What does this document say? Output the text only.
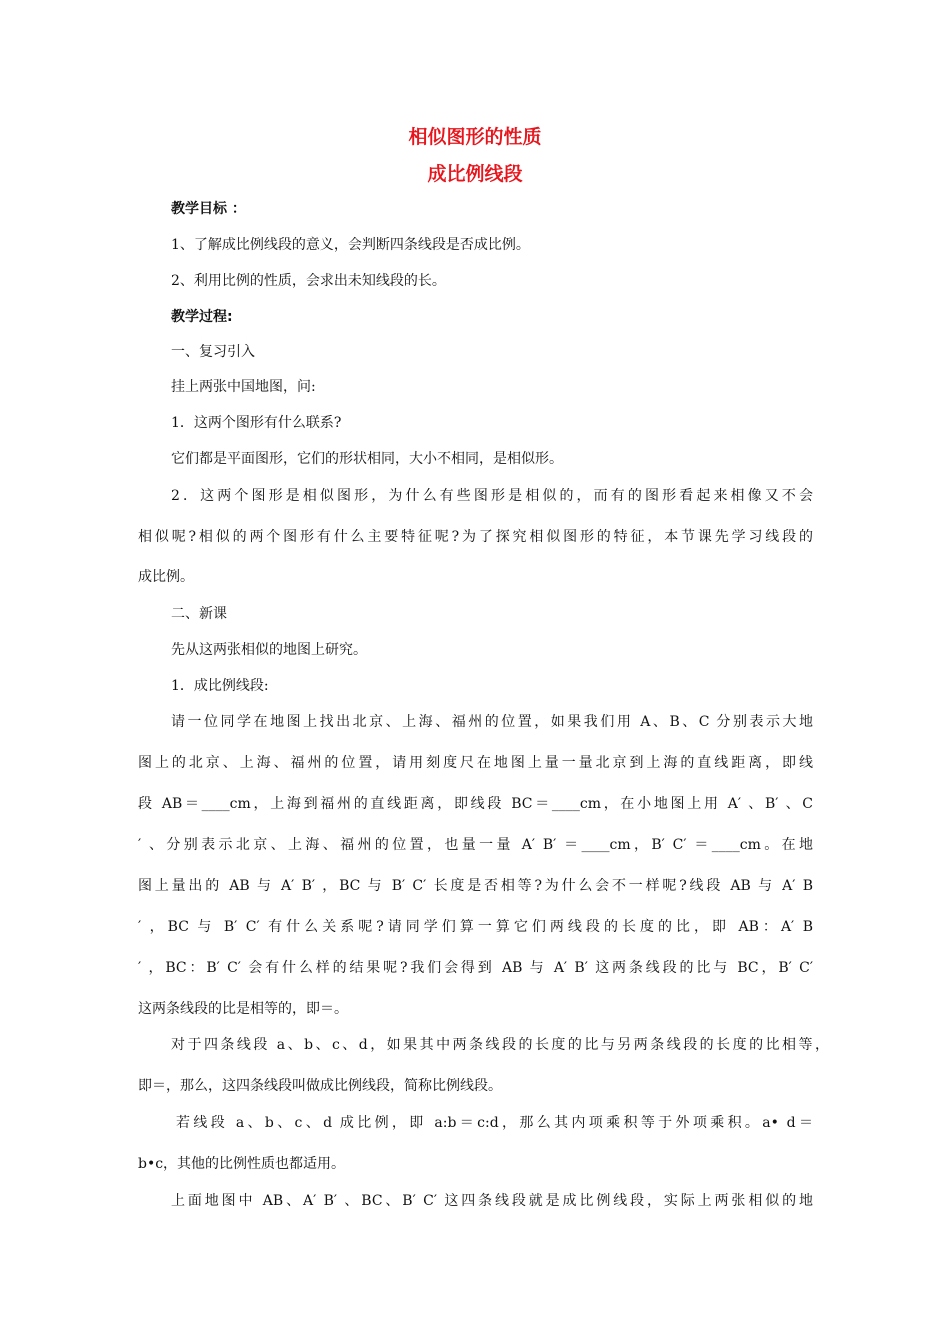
相似图形的性质
成比例线段
教学目标 ：
1、了解成比例线段的意义，会判断四条线段是否成比例。
2、利用比例的性质，会求出未知线段的长。
教学过程:
一、复习引入
挂上两张中国地图，问:
1．这两个图形有什么联系?
它们都是平面图形，它们的形状相同，大小不相同，是相似形。
2．这两个图形是相似图形，为什么有些图形是相似的，而有的图形看起来相像又不会
相似呢?相似的两个图形有什么主要特征呢?为了探究相似图形的特征，本节课先学习线段的
成比例。
二、新课
先从这两张相似的地图上研究。
1．成比例线段:
请一位同学在地图上找出北京、上海、福州的位置，如果我们用 A、B、C 分别表示大地
图上的北京、上海、福州的位置，请用刻度尺在地图上量一量北京到上海的直线距离，即线
段 AB＝____cm，上海到福州的直线距离，即线段 BC＝____cm，在小地图上用 A′ 、B′ 、C
′ 、分别表示北京、上海、福州的位置，也量一量 A′ B′ ＝____cm，B′ C′ ＝____cm。在地
图上量出的 AB 与 A′ B′ ，BC 与 B′ C′ 长度是否相等?为什么会不一样呢?线段 AB 与 A′ B
′ ，BC 与 B′ C′ 有什么关系呢?请同学们算一算它们两线段的长度的比，即 AB：A′ B
′ ，BC：B′ C′ 会有什么样的结果呢?我们会得到 AB 与 A′ B′ 这两条线段的比与 BC，B′ C′
这两条线段的比是相等的，即＝。
对于四条线段 a、b、c、d，如果其中两条线段的长度的比与另两条线段的长度的比相等，
即＝，那么，这四条线段叫做成比例线段，简称比例线段。
若线段 a、b、c、d 成比例，即 a:b＝c:d，那么其内项乘积等于外项乘积。a• d＝
b•c，其他的比例性质也都适用。
上面地图中 AB、A′ B′ 、BC、B′ C′ 这四条线段就是成比例线段，实际上两张相似的地
